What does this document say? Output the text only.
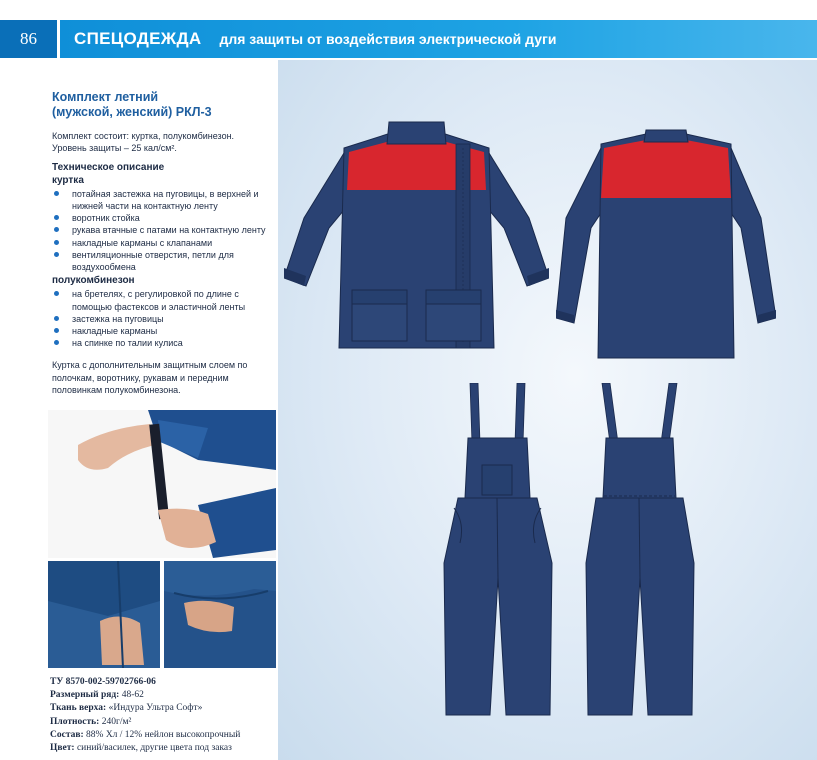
86	СПЕЦОДЕЖДА для защиты от воздействия электрической дуги
Комплект летний
(мужской, женский) РКЛ-3
Комплект состоит: куртка, полукомбинезон.
Уровень защиты – 25 кал/см².
Техническое описание
куртка
потайная застежка на пуговицы, в верхней и нижней части на контактную ленту
воротник стойка
рукава втачные с патами на контактную ленту
накладные карманы с клапанами
вентиляционные отверстия, петли для воздухообмена
полукомбинезон
на бретелях, с регулировкой по длине с помощью фастексов и эластичной ленты
застежка на пуговицы
накладные карманы
на спинке по талии кулиса
Куртка с дополнительным защитным слоем по полочкам, воротнику, рукавам и передним половинкам полукомбинезона.
ТУ 8570-002-59702766-06
Размерный ряд: 48-62
Ткань верха: «Индура Ультра Софт»
Плотность: 240г/м²
Состав: 88% Хл / 12% нейлон высокопрочный
Цвет: синий/василек, другие цвета под заказ
